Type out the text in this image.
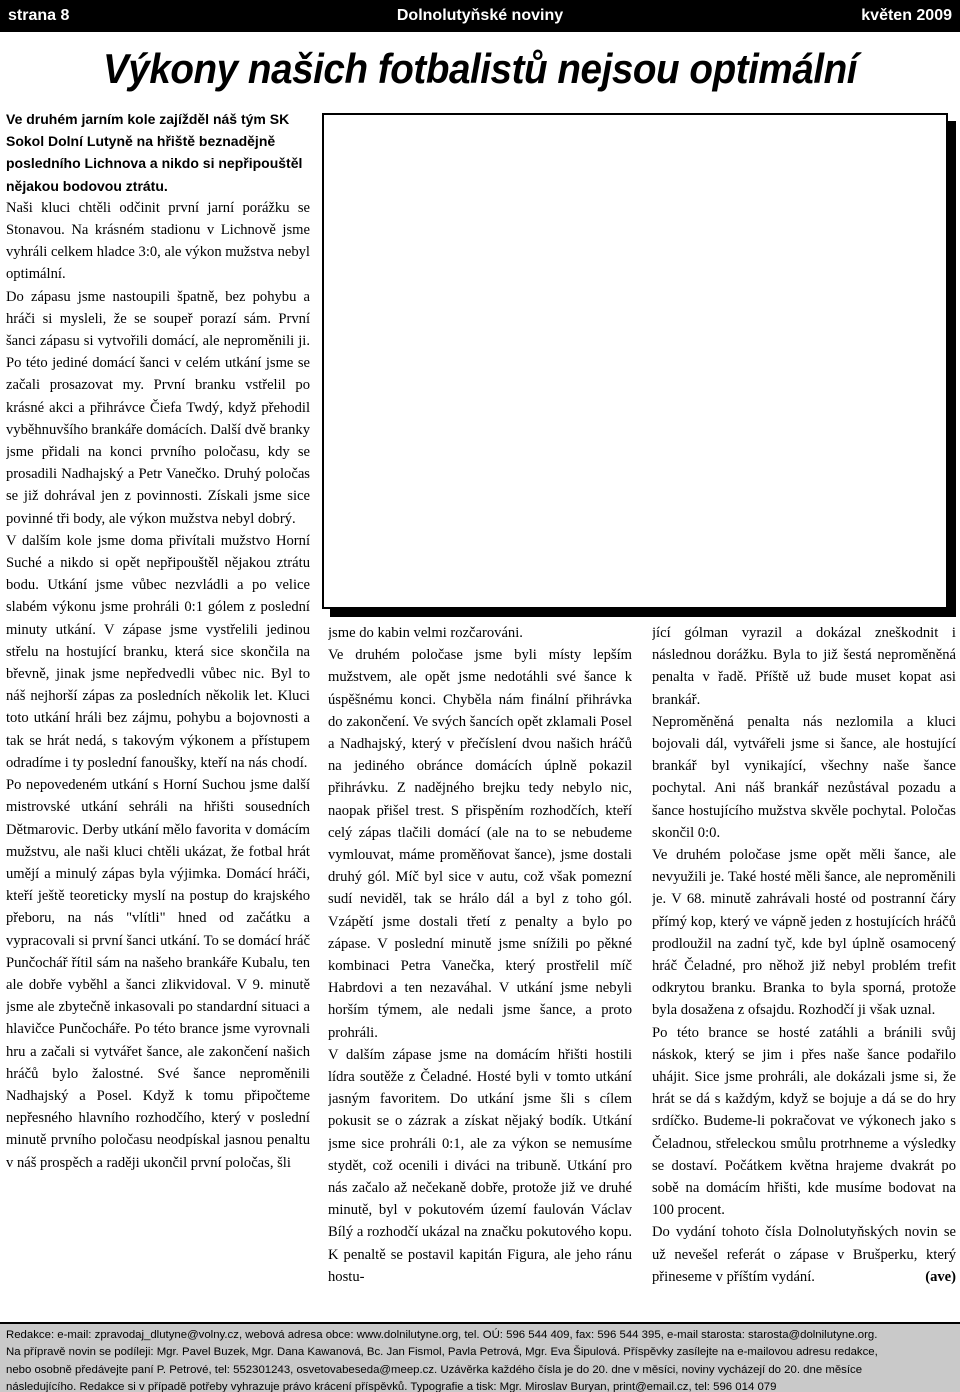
Dolnolutyňské noviny
strana 8	květen 2009
Výkony našich fotbalistů nejsou optimální

Ve druhém jarním kole zajížděl náš tým SK Sokol Dolní Lutyně na hřiště beznadějně posledního Lichnova a nikdo si nepřipouštěl nějakou bodovou ztrátu.

Naši kluci chtěli odčinit první jarní porážku se Stonavou. Na krásném stadionu v Lichnově jsme vyhráli celkem hladce 3:0, ale výkon mužstva nebyl optimální.

Do zápasu jsme nastoupili špatně, bez pohybu a hráči si mysleli, že se soupeř porazí sám. První šanci zápasu si vytvořili domácí, ale neproměnili ji. Po této jediné domácí šanci v celém utkání jsme se začali prosazovat my. První branku vstřelil po krásné akci a přihrávce Čiefa Twdý, když přehodil vyběhnuvšího brankáře domácích. Další dvě branky jsme přidali na konci prvního poločasu, kdy se prosadili Nadhajský a Petr Vanečko. Druhý poločas se již dohrával jen z povinnosti. Získali jsme sice povinné tři body, ale výkon mužstva nebyl dobrý.

V dalším kole jsme doma přivítali mužstvo Horní Suché a nikdo si opět nepřipouštěl nějakou ztrátu bodu. Utkání jsme vůbec nezvládli a po velice slabém výkonu jsme prohráli 0:1 gólem z poslední minuty utkání. V zápase jsme vystřelili jedinou střelu na hostující branku, která sice skončila na břevně, jinak jsme nepředvedli vůbec nic. Byl to náš nejhorší zápas za posledních několik let. Kluci toto utkání hráli bez zájmu, pohybu a bojovnosti a tak se hrát nedá, s takovým výkonem a přístupem odradíme i ty poslední fanoušky, kteří na nás chodí.

Po nepovedeném utkání s Horní Suchou jsme další mistrovské utkání sehráli na hřišti sousedních Dětmarovic. Derby utkání mělo favorita v domácím mužstvu, ale naši kluci chtěli ukázat, že fotbal hrát umějí a minulý zápas byla výjimka. Domácí hráči, kteří ještě teoreticky myslí na postup do krajského přeboru, na nás "vlítli" hned od začátku a vypracovali si první šanci utkání. To se domácí hráč Punčochář řítil sám na našeho brankáře Kubalu, ten ale dobře vyběhl a šanci zlikvidoval. V 9. minutě jsme ale zbytečně inkasovali po standardní situaci a hlavičce Punčocháře. Po této brance jsme vyrovnali hru a začali si vytvářet šance, ale zakončení našich hráčů bylo žalostné. Své šance neproměnili Nadhajský a Posel. Když k tomu připočteme nepřesného hlavního rozhodčího, který v poslední minutě prvního poločasu neodpískal jasnou penaltu v náš prospěch a raději ukončil první poločas, šli

jsme do kabin velmi rozčarováni.

Ve druhém poločase jsme byli místy lepším mužstvem, ale opět jsme nedotáhli své šance k úspěšnému konci. Chyběla nám finální přihrávka do zakončení. Ve svých šancích opět zklamali Posel a Nadhajský, který v přečíslení dvou našich hráčů na jediného obránce domácích úplně pokazil přihrávku. Z nadějného brejku tedy nebylo nic, naopak přišel trest. S přispěním rozhodčích, kteří celý zápas tlačili domácí (ale na to se nebudeme vymlouvat, máme proměňovat šance), jsme dostali druhý gól. Míč byl sice v autu, což však pomezní sudí neviděl, tak se hrálo dál a byl z toho gól. Vzápětí jsme dostali třetí z penalty a bylo po zápase. V poslední minutě jsme snížili po pěkné kombinaci Petra Vanečka, který prostřelil míč Habrdovi a ten nezaváhal. V utkání jsme nebyli horším týmem, ale nedali jsme šance, a proto prohráli.

V dalším zápase jsme na domácím hřišti hostili lídra soutěže z Čeladné. Hosté byli v tomto utkání jasným favoritem. Do utkání jsme šli s cílem pokusit se o zázrak a získat nějaký bodík. Utkání jsme sice prohráli 0:1, ale za výkon se nemusíme stydět, což ocenili i diváci na tribuně. Utkání pro nás začalo až nečekaně dobře, protože již ve druhé minutě, byl v pokutovém území faulován Václav Bílý a rozhodčí ukázal na značku pokutového kopu. K penaltě se postavil kapitán Figura, ale jeho ránu hostu-

jící gólman vyrazil a dokázal zneškodnit i následnou dorážku. Byla to již šestá neproměněná penalta v řadě. Příště už bude muset kopat asi brankář.

Neproměněná penalta nás nezlomila a kluci bojovali dál, vytvářeli jsme si šance, ale hostující brankář byl vynikající, všechny naše šance pochytal. Ani náš brankář nezůstával pozadu a šance hostujícího mužstva skvěle pochytal. Poločas skončil 0:0.

Ve druhém poločase jsme opět měli šance, ale nevyužili je. Také hosté měli šance, ale neproměnili je. V 68. minutě zahrávali hosté od postranní čáry přímý kop, který ve vápně jeden z hostujících hráčů prodloužil na zadní tyč, kde byl úplně osamocený hráč Čeladné, pro něhož již nebyl problém trefit odkrytou branku. Branka to byla sporná, protože byla dosažena z ofsajdu. Rozhodčí ji však uznal.

Po této brance se hosté zatáhli a bránili svůj náskok, který se jim i přes naše šance podařilo uhájit. Sice jsme prohráli, ale dokázali jsme si, že hrát se dá s každým, když se bojuje a dá se do hry srdíčko. Budeme-li pokračovat ve výkonech jako s Čeladnou, střeleckou smůlu protrhneme a výsledky se dostaví. Počátkem května hrajeme dvakrát po sobě na domácím hřišti, kde musíme bodovat na 100 procent.

Do vydání tohoto čísla Dolnolutyňských novin se už nevešel referát o zápase v Brušperku, který přineseme v příštím vydání.	(ave)

Redakce: e-mail: zpravodaj_dlutyne@volny.cz, webová adresa obce: www.dolnilutyne.org, tel. OÚ: 596 544 409, fax: 596 544 395, e-mail starosta: starosta@dolnilutyne.org.

Na přípravě novin se podíleji: Mgr. Pavel Buzek, Mgr. Dana Kawanová, Bc. Jan Fismol, Pavla Petrová, Mgr. Eva Šipulová. Příspěvky zasílejte na e-mailovou adresu redakce,

nebo osobně předávejte paní P. Petrové, tel: 552301243, osvetovabeseda@meep.cz. Uzávěrka každého čísla je do 20. dne v měsíci, noviny vycházejí do 20. dne měsíce

následujícího. Redakce si v případě potřeby vyhrazuje právo krácení příspěvků. Typografie a tisk: Mgr. Miroslav Buryan, print@email.cz, tel: 596 014 079
